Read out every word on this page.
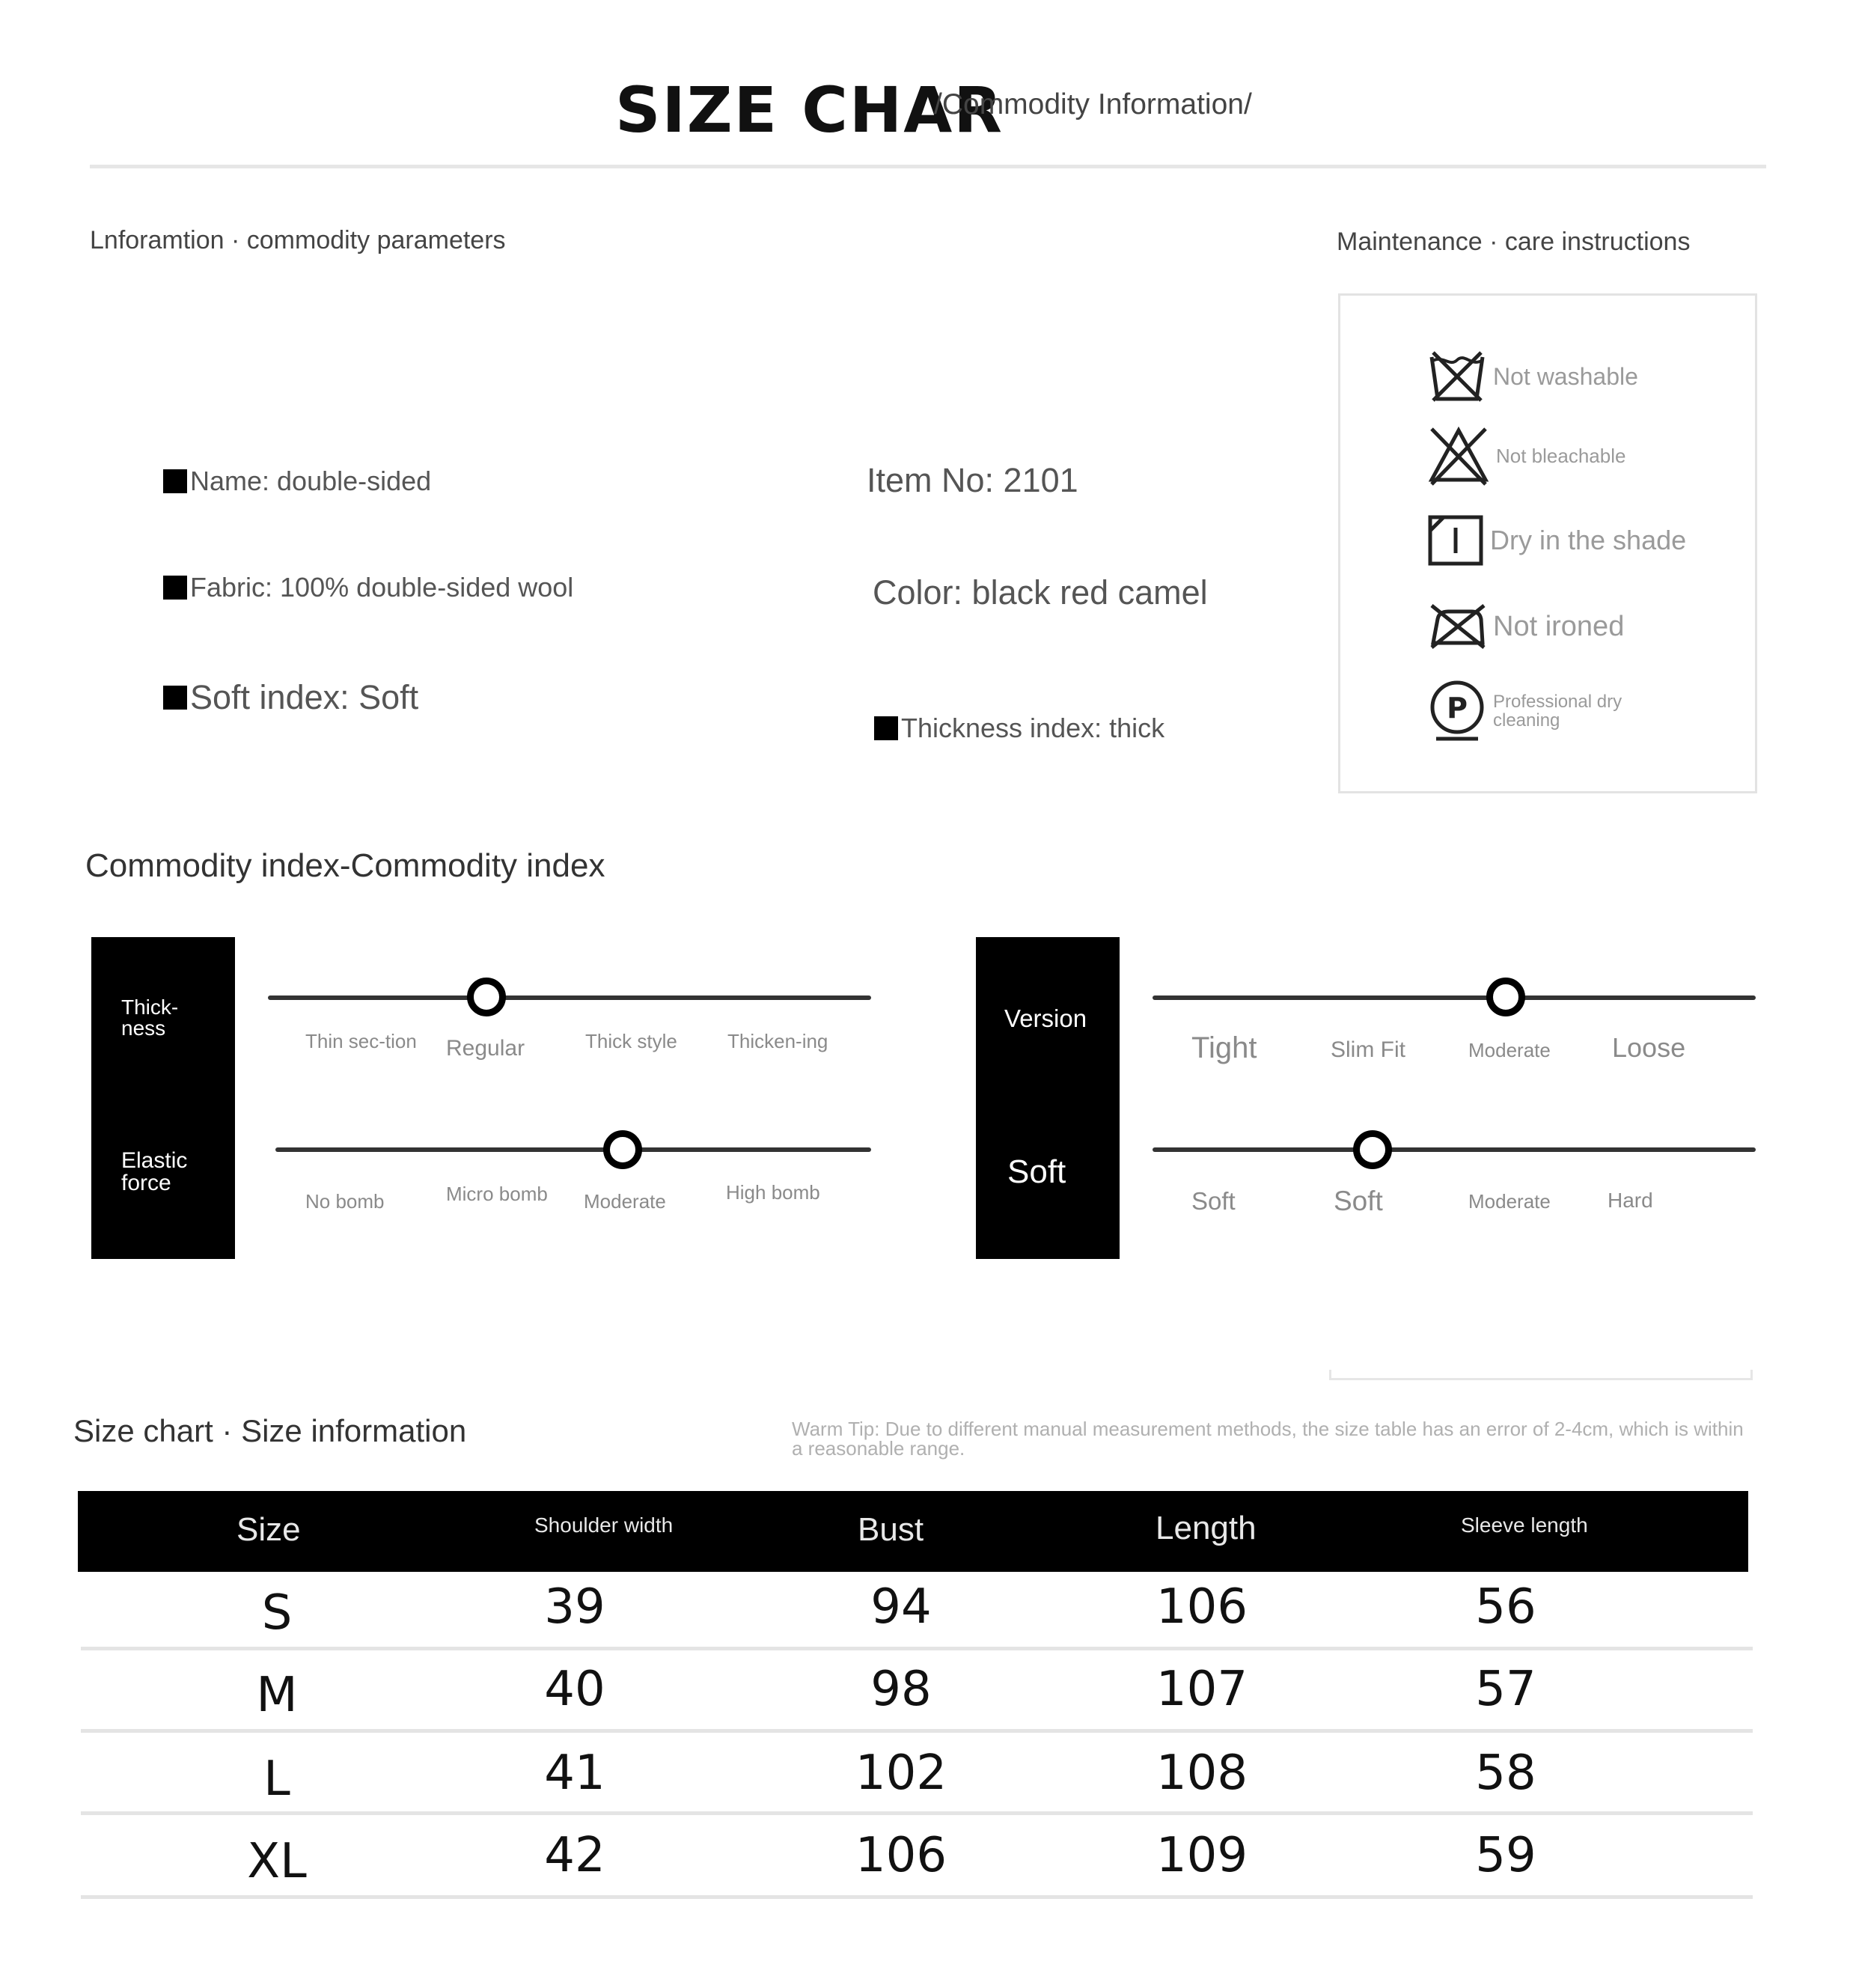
SIZE CHAR
/Commodity Information/
Lnforamtion · commodity parameters
Name: double-sided	Item No: 2101
Fabric: 100% double-sided wool	Color: black red camel
Soft index: Soft
Thickness index: thick
Maintenance · care instructions
Not washable
Not bleachable
Dry in the shade
Not ironed
P Professional dry cleaning
Commodity index-Commodity index
Thick-ness
Elastic force
Thin sec-tion Regular	Thick style	Thicken-ing
No bomb	Micro bomb Moderate	High bomb
Version
Soft
Tight	Slim Fit	Moderate Loose
Soft	Soft	Moderate	Hard
Size chart · Size information	Warm Tip: Due to different manual measurement methods, the size table has an error of 2-4cm, which is within a reasonable range.
Size	Shoulder width	Bust	Length	Sleeve length
S	39	94	106	56
M	40	98	107	57
L	41	102	108	58
XL	42	106	109	59
